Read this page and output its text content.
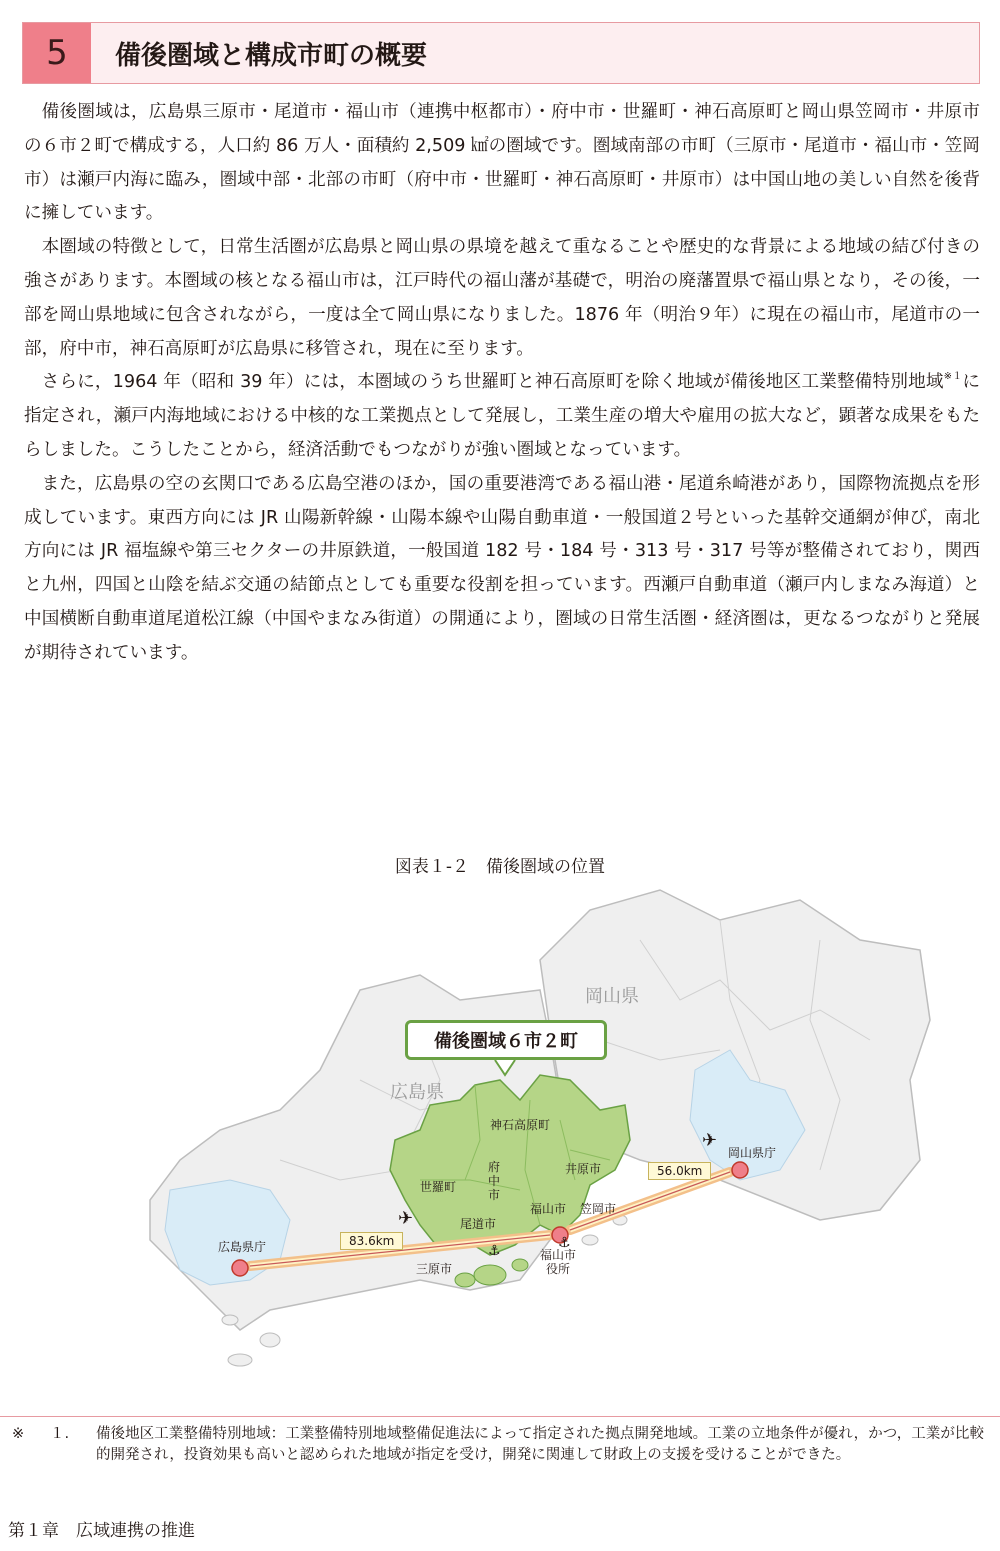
5	備後圏域と構成市町の概要

備後圏域は，広島県三原市・尾道市・福山市（連携中枢都市）・府中市・世羅町・神石高原町と岡山県笠岡市・井原市の６市２町で構成する，人口約 86 万人・面積約 2,509 ㎢の圏域です。圏域南部の市町（三原市・尾道市・福山市・笠岡市）は瀬戸内海に臨み，圏域中部・北部の市町（府中市・世羅町・神石高原町・井原市）は中国山地の美しい自然を後背に擁しています。

本圏域の特徴として，日常生活圏が広島県と岡山県の県境を越えて重なることや歴史的な背景による地域の結び付きの強さがあります。本圏域の核となる福山市は，江戸時代の福山藩が基礎で，明治の廃藩置県で福山県となり，その後，一部を岡山県地域に包含されながら，一度は全て岡山県になりました。1876 年（明治９年）に現在の福山市，尾道市の一部，府中市，神石高原町が広島県に移管され，現在に至ります。

さらに，1964 年（昭和 39 年）には，本圏域のうち世羅町と神石高原町を除く地域が備後地区工業整備特別地域$^{※1}$に指定され，瀬戸内海地域における中核的な工業拠点として発展し，工業生産の増大や雇用の拡大など，顕著な成果をもたらしました。こうしたことから，経済活動でもつながりが強い圏域となっています。

また，広島県の空の玄関口である広島空港のほか，国の重要港湾である福山港・尾道糸崎港があり，国際物流拠点を形成しています。東西方向には JR 山陽新幹線・山陽本線や山陽自動車道・一般国道２号といった基幹交通網が伸び，南北方向には JR 福塩線や第三セクターの井原鉄道，一般国道 182 号・184 号・313 号・317 号等が整備されており，関西と九州，四国と山陰を結ぶ交通の結節点としても重要な役割を担っています。西瀬戸自動車道（瀬戸内しまなみ海道）と中国横断自動車道尾道松江線（中国やまなみ街道）の開通により，圏域の日常生活圏・経済圏は，更なるつながりと発展が期待されています。

図表１-２　備後圏域の位置
岡山県
広島県
備後圏域６市２町
神石高原町
世羅町
府中市
井原市
福山市 笠岡市
尾道市
三原市
広島県庁
岡山県庁
福山市役所
83.6km
56.0km
✈
✈
⚓	⚓
※	１.	備後地区工業整備特別地域：工業整備特別地域整備促進法によって指定された拠点開発地域。工業の立地条件が優れ，かつ，工業が比較的開発され，投資効果も高いと認められた地域が指定を受け，開発に関連して財政上の支援を受けることができた。
第１章　広域連携の推進
